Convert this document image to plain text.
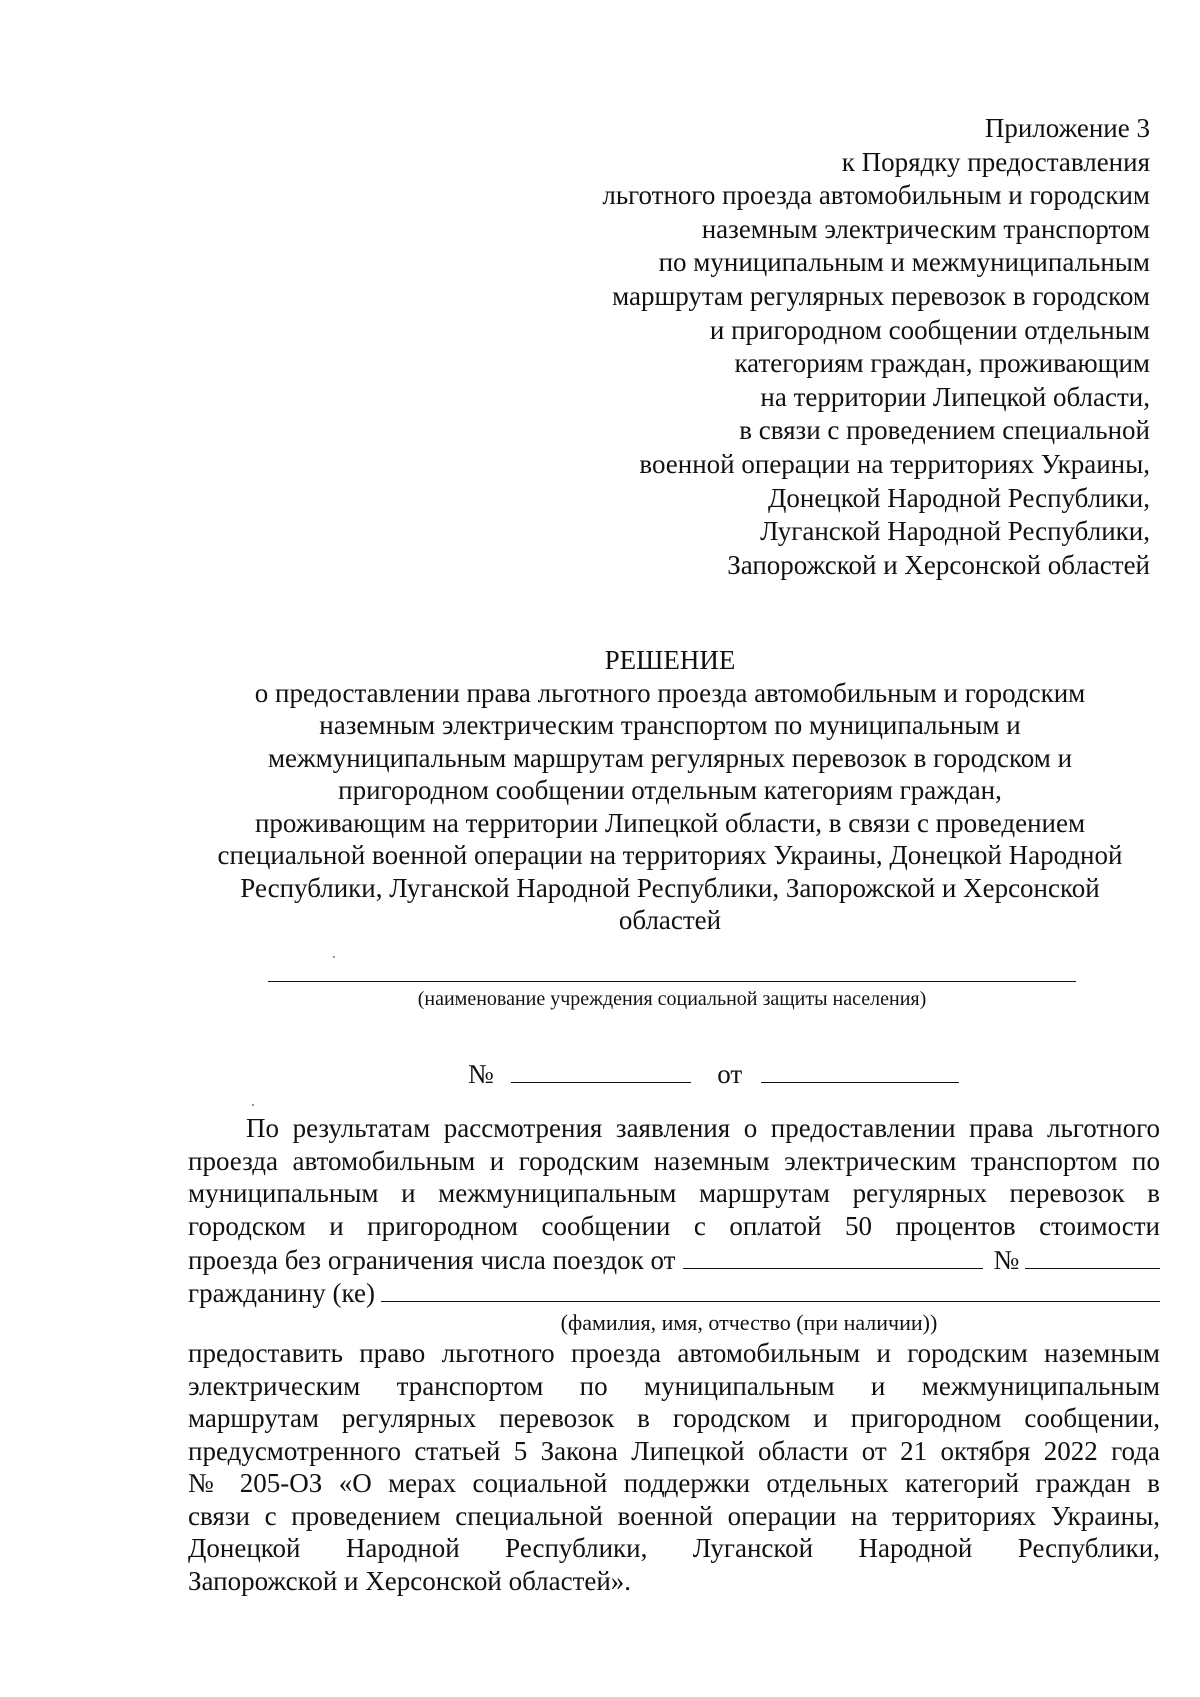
Приложение 3
к Порядку предоставления
льготного проезда автомобильным и городским
наземным электрическим транспортом
по муниципальным и межмуниципальным
маршрутам регулярных перевозок в городском
и пригородном сообщении отдельным
категориям граждан, проживающим
на территории Липецкой области,
в связи с проведением специальной
военной операции на территориях Украины,
Донецкой Народной Республики,
Луганской Народной Республики,
Запорожской и Херсонской областей
РЕШЕНИЕ
о предоставлении права льготного проезда автомобильным и городским
наземным электрическим транспортом по муниципальным и
межмуниципальным маршрутам регулярных перевозок в городском и
пригородном сообщении отдельным категориям граждан,
проживающим на территории Липецкой области, в связи с проведением
специальной военной операции на территориях Украины, Донецкой Народной
Республики, Луганской Народной Республики, Запорожской и Херсонской
областей
(наименование учреждения социальной защиты населения)
№	от
По результатам рассмотрения заявления о предоставлении права льготного
проезда автомобильным и городским наземным электрическим транспортом по
муниципальным и межмуниципальным маршрутам регулярных перевозок в
городском и пригородном сообщении с оплатой 50 процентов стоимости
проезда без ограничения числа поездок от	№
гражданину (ке)
(фамилия, имя, отчество (при наличии))
предоставить право льготного проезда автомобильным и городским наземным
электрическим транспортом по муниципальным и межмуниципальным
маршрутам регулярных перевозок в городском и пригородном сообщении,
предусмотренного статьей 5 Закона Липецкой области от 21 октября 2022 года
№ 205-ОЗ «О мерах социальной поддержки отдельных категорий граждан в
связи с проведением специальной военной операции на территориях Украины,
Донецкой Народной Республики, Луганской Народной Республики,
Запорожской и Херсонской областей».
